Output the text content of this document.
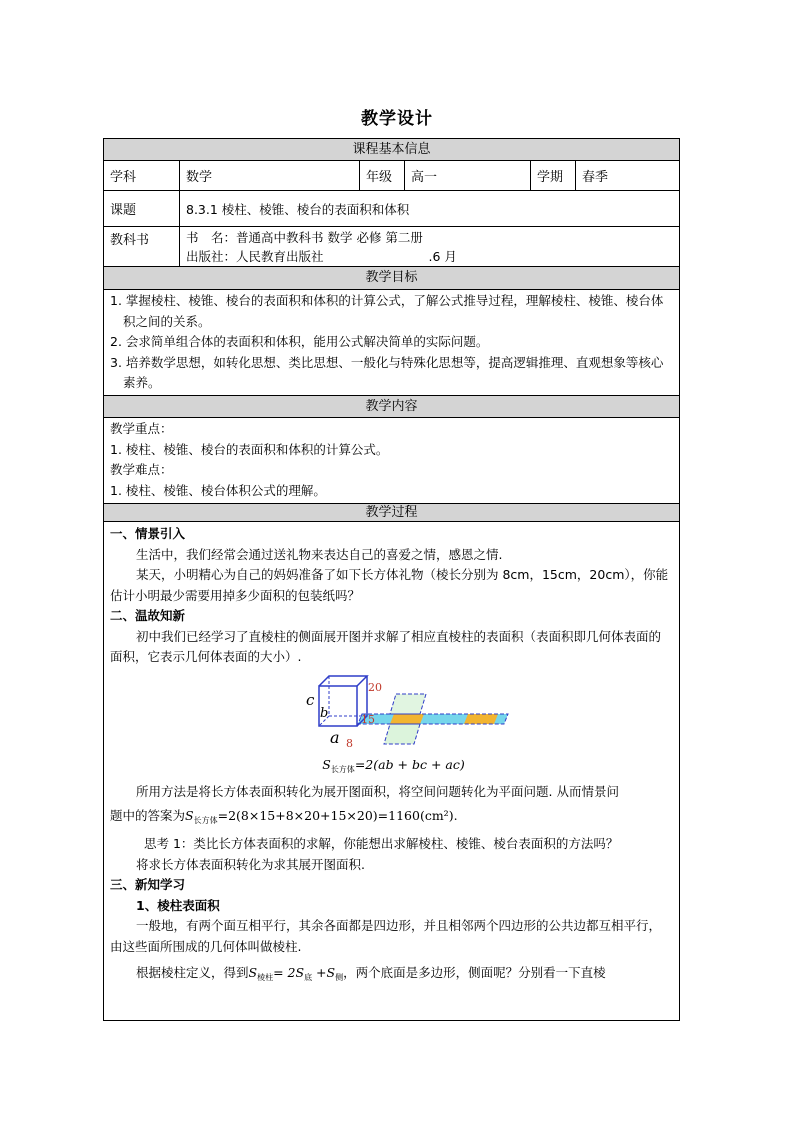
教学设计
课程基本信息
学科	数学	年级	高一	学期	春季
课题	8.3.1 棱柱、棱锥、棱台的表面积和体积
教科书	书　名：普通高中教科书 数学 必修 第二册
出版社：人民教育出版社	.6 月
教学目标
1. 掌握棱柱、棱锥、棱台的表面积和体积的计算公式，了解公式推导过程，理解棱柱、棱锥、棱台体积之间的关系。
2. 会求简单组合体的表面积和体积，能用公式解决简单的实际问题。
3. 培养数学思想，如转化思想、类比思想、一般化与特殊化思想等，提高逻辑推理、直观想象等核心素养。
教学内容
教学重点：
1. 棱柱、棱锥、棱台的表面积和体积的计算公式。
教学难点：
1. 棱柱、棱锥、棱台体积公式的理解。
教学过程
一、情景引入
生活中，我们经常会通过送礼物来表达自己的喜爱之情，感恩之情.
某天，小明精心为自己的妈妈准备了如下长方体礼物（棱长分别为 8cm，15cm，20cm），你能估计小明最少需要用掉多少面积的包装纸吗？
二、温故知新
初中我们已经学习了直棱柱的侧面展开图并求解了相应直棱柱的表面积（表面积即几何体表面的面积，它表示几何体表面的大小）.
c
b
a
20
15
8
$S_{长方体}=2(ab$ + bc + ac)
所用方法是将长方体表面积转化为展开图面积，将空间问题转化为平面问题. 从而情景问
题中的答案为$S_{长方体}=2(8\times 15+8\times 20+15\times 20)=1160(cm^2)$.
思考 1：类比长方体表面积的求解，你能想出求解棱柱、棱锥、棱台表面积的方法吗？
将求长方体表面积转化为求其展开图面积.
三、新知学习
1、棱柱表面积
一般地，有两个面互相平行，其余各面都是四边形，并且相邻两个四边形的公共边都互相平行，由这些面所围成的几何体叫做棱柱.
根据棱柱定义，得到$S_{棱柱}= 2S_底 +S_侧$，两个底面是多边形，侧面呢？分别看一下直棱
